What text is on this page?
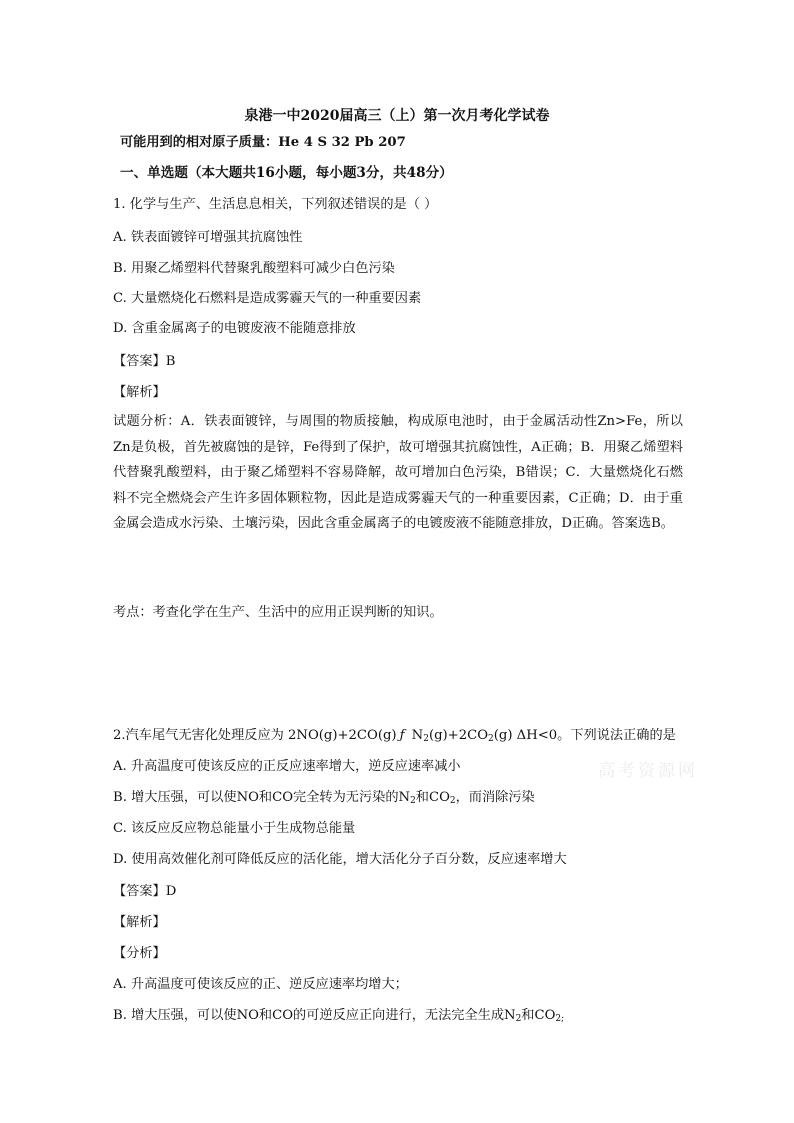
泉港一中2020届高三（上）第一次月考化学试卷
可能用到的相对原子质量：He 4 S 32 Pb 207
一、单选题（本大题共16小题，每小题3分，共48分）
1. 化学与生产、生活息息相关，下列叙述错误的是（ ）
A. 铁表面镀锌可增强其抗腐蚀性
B. 用聚乙烯塑料代替聚乳酸塑料可减少白色污染
C. 大量燃烧化石燃料是造成雾霾天气的一种重要因素
D. 含重金属离子的电镀废液不能随意排放
【答案】B
【解析】
试题分析：A．铁表面镀锌，与周围的物质接触，构成原电池时，由于金属活动性Zn>Fe，所以Zn是负极，首先被腐蚀的是锌，Fe得到了保护，故可增强其抗腐蚀性，A正确；B．用聚乙烯塑料代替聚乳酸塑料，由于聚乙烯塑料不容易降解，故可增加白色污染，B错误；C．大量燃烧化石燃料不完全燃烧会产生许多固体颗粒物，因此是造成雾霾天气的一种重要因素，C正确；D．由于重金属会造成水污染、土壤污染，因此含重金属离子的电镀废液不能随意排放，D正确。答案选B。
考点：考查化学在生产、生活中的应用正误判断的知识。
2.汽车尾气无害化处理反应为 2NO(g)+2CO(g) ƒ $N_2(g)+2CO_2(g)$ ΔH<0。下列说法正确的是
A. 升高温度可使该反应的正反应速率增大，逆反应速率减小
B. 增大压强，可以使NO和CO完全转为无污染的$N_2$和$CO_2$，而消除污染
C. 该反应反应物总能量小于生成物总能量
D. 使用高效催化剂可降低反应的活化能，增大活化分子百分数，反应速率增大
【答案】D
【解析】
【分析】
A. 升高温度可使该反应的正、逆反应速率均增大；
B. 增大压强，可以使NO和CO的可逆反应正向进行，无法完全生成$N_2$和$CO_{2;}$
高考资源网
